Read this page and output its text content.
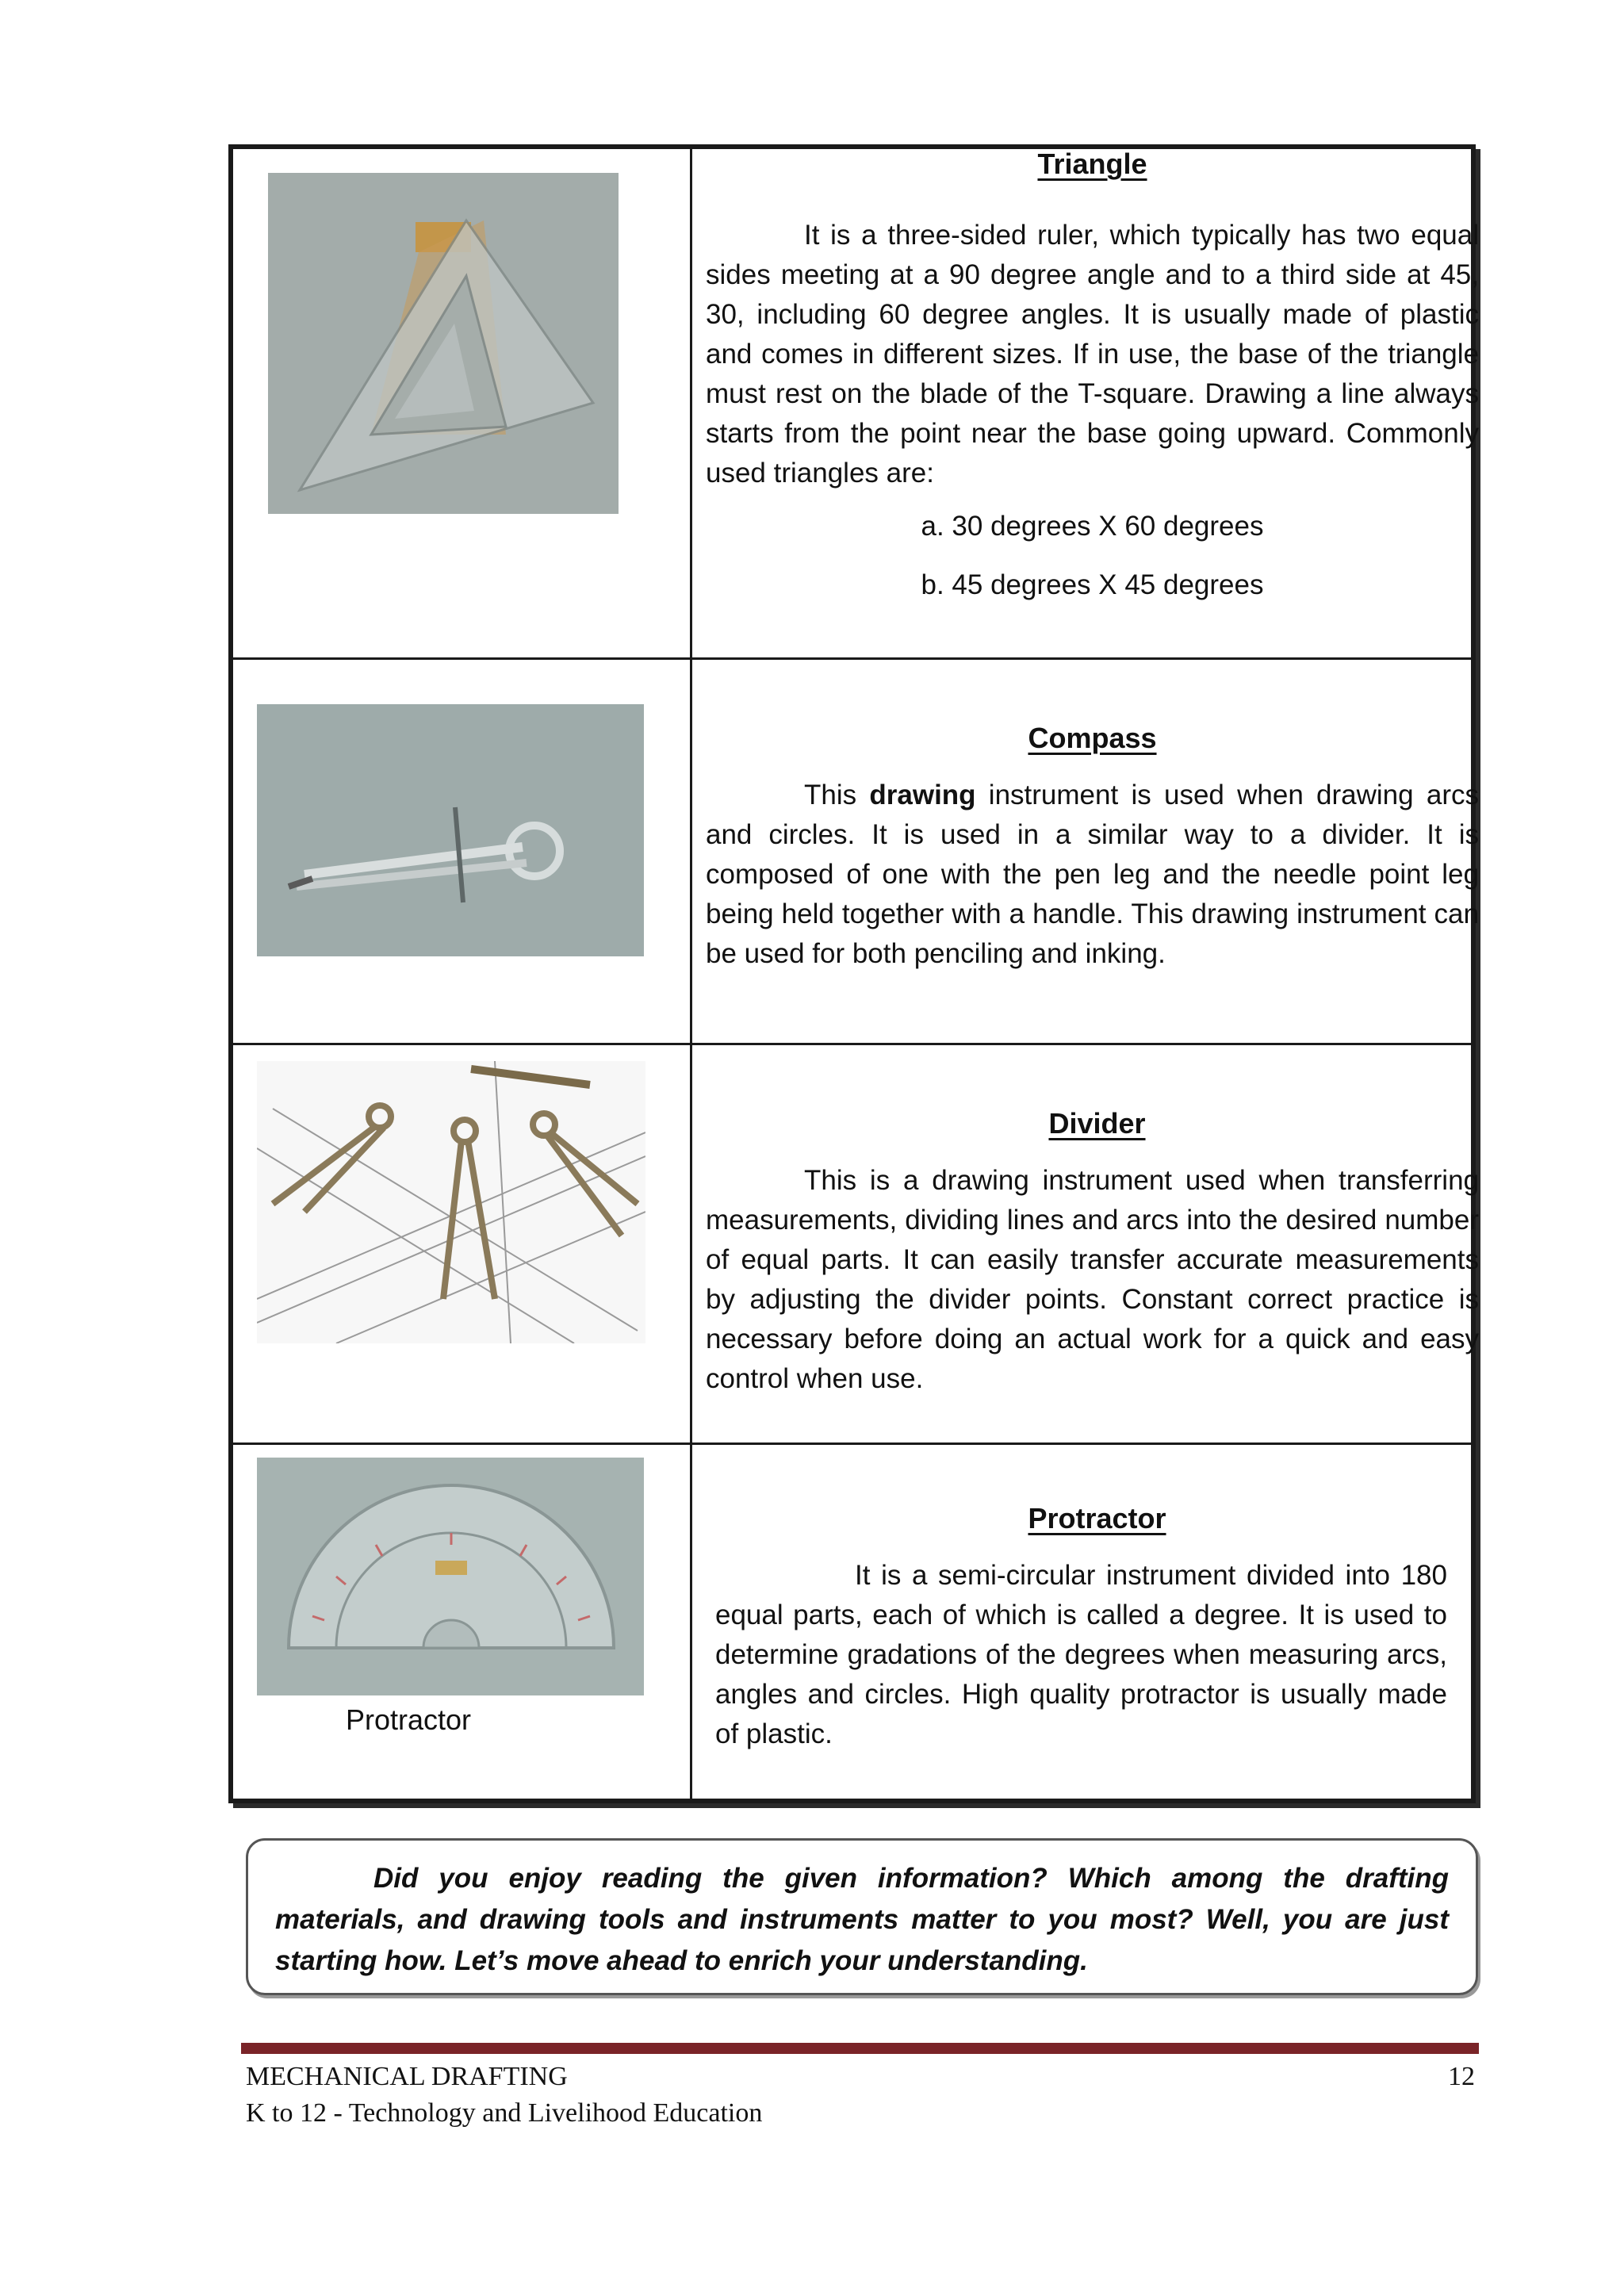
Triangle

It is a three-sided ruler, which typically has two equal sides meeting at a 90 degree angle and to a third side at 45, 30, including 60 degree angles. It is usually made of plastic and comes in different sizes. If in use, the base of the triangle must rest on the blade of the T-square. Drawing a line always starts from the point near the base going upward. Commonly used triangles are:

a. 30 degrees X 60 degrees
b. 45 degrees X 45 degrees

Compass

This drawing instrument is used when drawing arcs and circles. It is used in a similar way to a divider. It is composed of one with the pen leg and the needle point leg being held together with a handle. This drawing instrument can be used for both penciling and inking.

Divider

This is a drawing instrument used when transferring measurements, dividing lines and arcs into the desired number of equal parts. It can easily transfer accurate measurements by adjusting the divider points. Constant correct practice is necessary before doing an actual work for a quick and easy control when use.

Protractor

Protractor

It is a semi-circular instrument divided into 180 equal parts, each of which is called a degree. It is used to determine gradations of the degrees when measuring arcs, angles and circles. High quality protractor is usually made of plastic.

Did you enjoy reading the given information? Which among the drafting materials, and drawing tools and instruments matter to you most? Well, you are just starting how. Let’s move ahead to enrich your understanding.

MECHANICAL DRAFTING
K to 12 - Technology and Livelihood Education
12
